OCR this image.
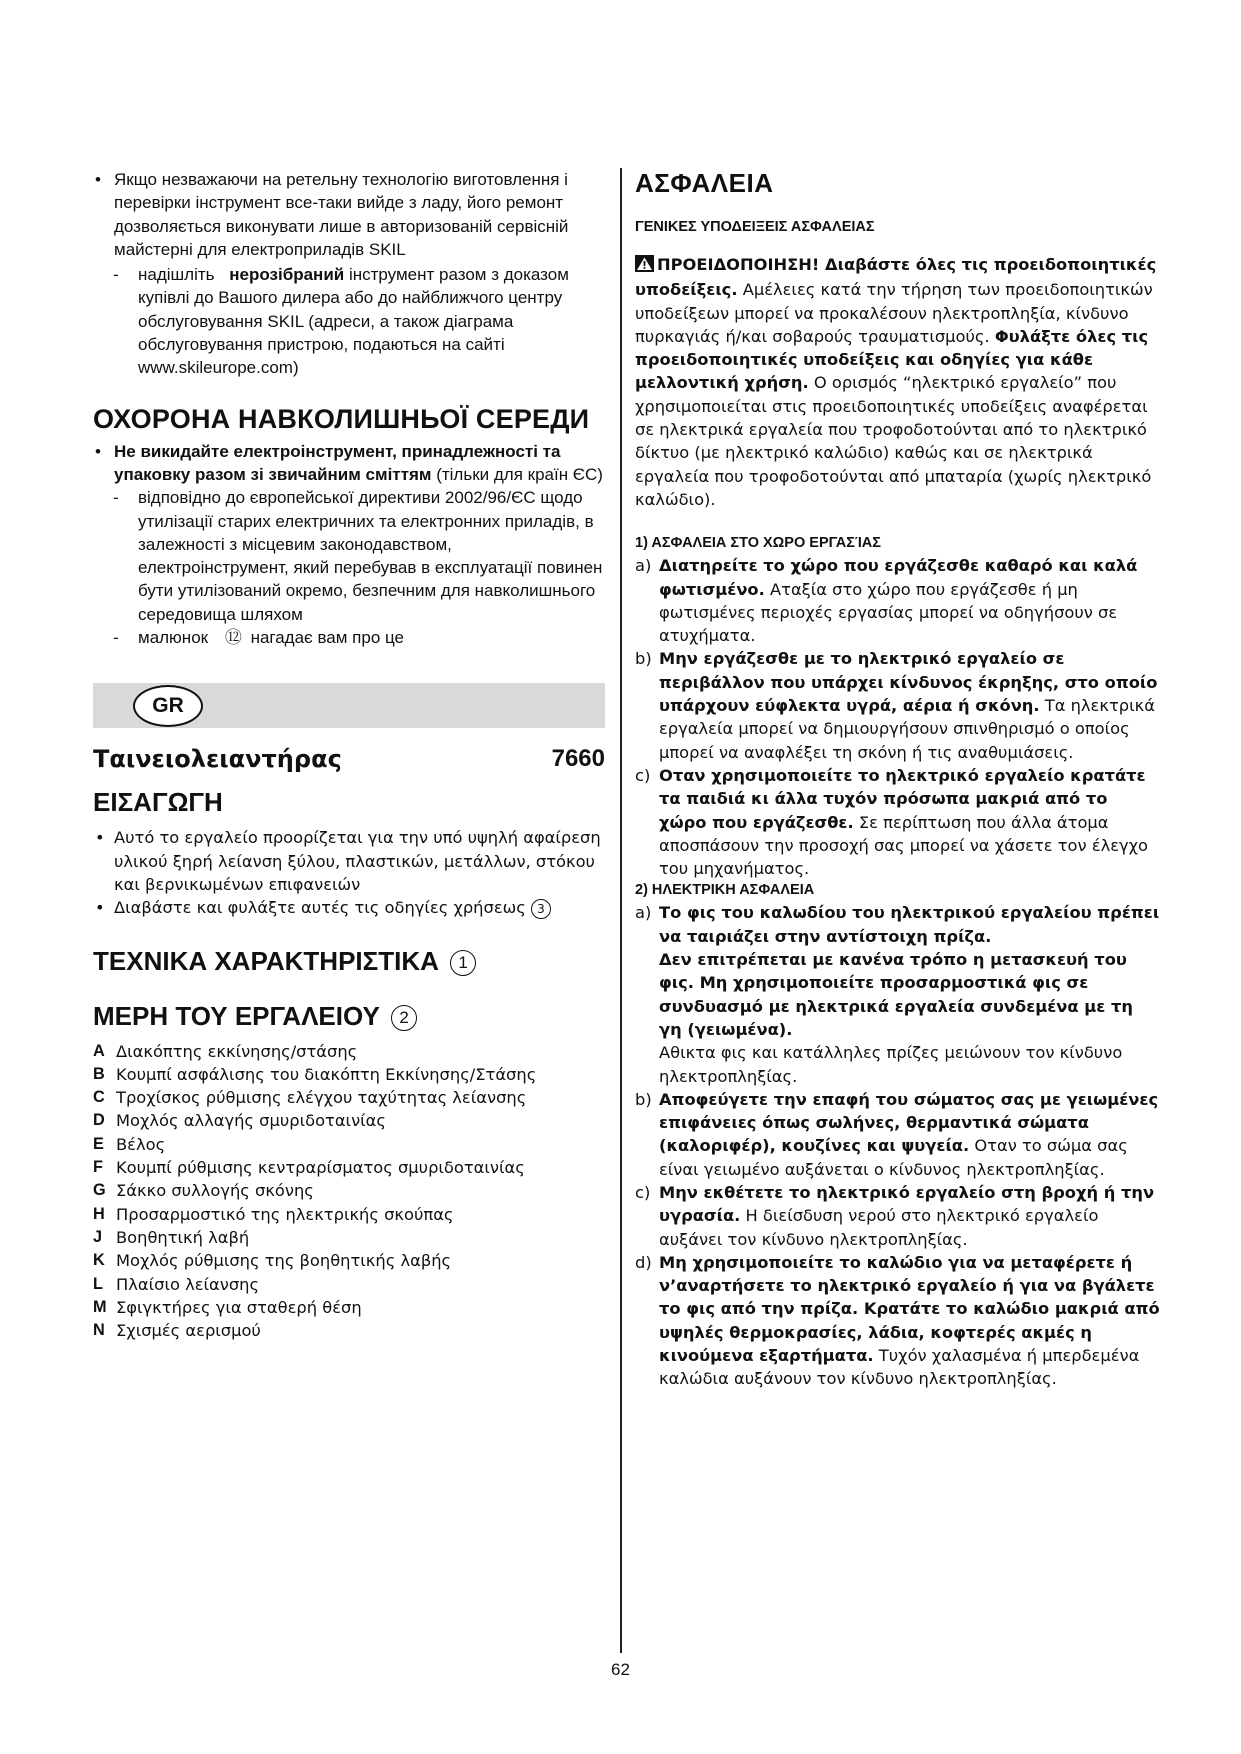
• Якщо незважаючи на ретельну технологію виготовлення і перевірки інструмент все-таки вийде з ладу, його ремонт дозволяється виконувати лише в авторизованій сервісній майстерні для електроприладів SKIL
- надішліть нерозібраний інструмент разом з доказом купівлі до Вашого дилера або до найближчого центру обслуговування SKIL (адреси, а також діаграма обслуговування пристрою, подаються на сайті www.skileurope.com)
ОХОРОНА НАВКОЛИШНЬОЇ СЕРЕДИ
• Не викидайте електроінструмент, принадлежності та упаковку разом зі звичайним сміттям (тільки для країн ЄС)
- відповідно до європейської директиви 2002/96/ЄС щодо утилізації старих електричних та електронних приладів, в залежності з місцевим законодавством, електроінструмент, який перебував в експлуатації повинен бути утилізований окремо, безпечним для навколишнього середовища шляхом
- малюнок ⑫ нагадає вам про це
GR
Ταινειολειαντήρας	7660
ΕΙΣΑΓΩΓΗ
• Αυτό το εργαλείο προορίζεται για την υπό υψηλή αφαίρεση υλικού ξηρή λείανση ξύλου, πλαστικών, μετάλλων, στόκου και βερνικωμένων επιφανειών
• Διαβάστε και φυλάξτε αυτές τις οδηγίες χρήσεως 3
ΤΕΧΝΙΚΑ ΧΑΡΑΚΤΗΡΙΣΤΙΚΑ 1
ΜΕΡΗ ΤΟΥ ΕΡΓΑΛΕΙΟΥ 2
A Διακόπτης εκκίνησης/στάσης
B Κουμπί ασφάλισης του διακόπτη Εκκίνησης/Στάσης
C Τροχίσκος ρύθμισης ελέγχου ταχύτητας λείανσης
D Μοχλός αλλαγής σμυριδοταινίας
E Βέλος
F Κουμπί ρύθμισης κεντραρίσματος σμυριδοταινίας
G Σάκκο συλλογής σκόνης
H Προσαρμοστικό της ηλεκτρικής σκούπας
J Βοηθητική λαβή
K Μοχλός ρύθμισης της βοηθητικής λαβής
L Πλαίσιο λείανσης
M Σφιγκτήρες για σταθερή θέση
N Σχισμές αερισμού
ΑΣΦΑΛΕΙΑ
ΓΕΝΙΚΕΣ ΥΠΟΔΕΙΞΕΙΣ ΑΣΦΑΛΕΙΑΣ
ΠΡΟΕΙΔΟΠΟΙΗΣΗ! Διαβάστε όλες τις προειδοποιητικές υποδείξεις. Αμέλειες κατά την τήρηση των προειδοποιητικών υποδείξεων μπορεί να προκαλέσουν ηλεκτροπληξία, κίνδυνο πυρκαγιάς ή/και σοβαρούς τραυματισμούς. Φυλάξτε όλες τις προειδοποιητικές υποδείξεις και οδηγίες για κάθε μελλοντική χρήση. Ο ορισμός “ηλεκτρικό εργαλείο” που χρησιμοποιείται στις προειδοποιητικές υποδείξεις αναφέρεται σε ηλεκτρικά εργαλεία που τροφοδοτούνται από το ηλεκτρικό δίκτυο (με ηλεκτρικό καλώδιο) καθώς και σε ηλεκτρικά εργαλεία που τροφοδοτούνται από μπαταρία (χωρίς ηλεκτρικό καλώδιο).
1) ΑΣΦΑΛΕΙΑ ΣΤΟ ΧΩΡΟ ΕΡΓΑΣΊΑΣ
a) Διατηρείτε το χώρο που εργάζεσθε καθαρό και καλά φωτισμένο. Αταξία στο χώρο που εργάζεσθε ή μη φωτισμένες περιοχές εργασίας μπορεί να οδηγήσουν σε ατυχήματα.
b) Μην εργάζεσθε με το ηλεκτρικό εργαλείο σε περιβάλλον που υπάρχει κίνδυνος έκρηξης, στο οποίο υπάρχουν εύφλεκτα υγρά, αέρια ή σκόνη. Τα ηλεκτρικά εργαλεία μπορεί να δημιουργήσουν σπινθηρισμό ο οποίος μπορεί να αναφλέξει τη σκόνη ή τις αναθυμιάσεις.
c) Οταν χρησιμοποιείτε το ηλεκτρικό εργαλείο κρατάτε τα παιδιά κι άλλα τυχόν πρόσωπα μακριά από το χώρο που εργάζεσθε. Σε περίπτωση που άλλα άτομα αποσπάσουν την προσοχή σας μπορεί να χάσετε τον έλεγχο του μηχανήματος.
2) ΗΛΕΚΤΡΙΚΗ ΑΣΦΑΛΕΙΑ
a) Το φις του καλωδίου του ηλεκτρικού εργαλείου πρέπει να ταιριάζει στην αντίστοιχη πρίζα.
Δεν επιτρέπεται με κανένα τρόπο η μετασκευή του φις. Μη χρησιμοποιείτε προσαρμοστικά φις σε συνδυασμό με ηλεκτρικά εργαλεία συνδεμένα με τη γη (γειωμένα).
Αθικτα φις και κατάλληλες πρίζες μειώνουν τον κίνδυνο ηλεκτροπληξίας.
b) Αποφεύγετε την επαφή του σώματος σας με γειωμένες επιφάνειες όπως σωλήνες, θερμαντικά σώματα (καλοριφέρ), κουζίνες και ψυγεία. Οταν το σώμα σας είναι γειωμένο αυξάνεται ο κίνδυνος ηλεκτροπληξίας.
c) Μην εκθέτετε το ηλεκτρικό εργαλείο στη βροχή ή την υγρασία. Η διείσδυση νερού στο ηλεκτρικό εργαλείο αυξάνει τον κίνδυνο ηλεκτροπληξίας.
d) Μη χρησιμοποιείτε το καλώδιο για να μεταφέρετε ή ν’αναρτήσετε το ηλεκτρικό εργαλείο ή για να βγάλετε το φις από την πρίζα. Κρατάτε το καλώδιο μακριά από υψηλές θερμοκρασίες, λάδια, κοφτερές ακμές η κινούμενα εξαρτήματα. Τυχόν χαλασμένα ή μπερδεμένα καλώδια αυξάνουν τον κίνδυνο ηλεκτροπληξίας.
62
